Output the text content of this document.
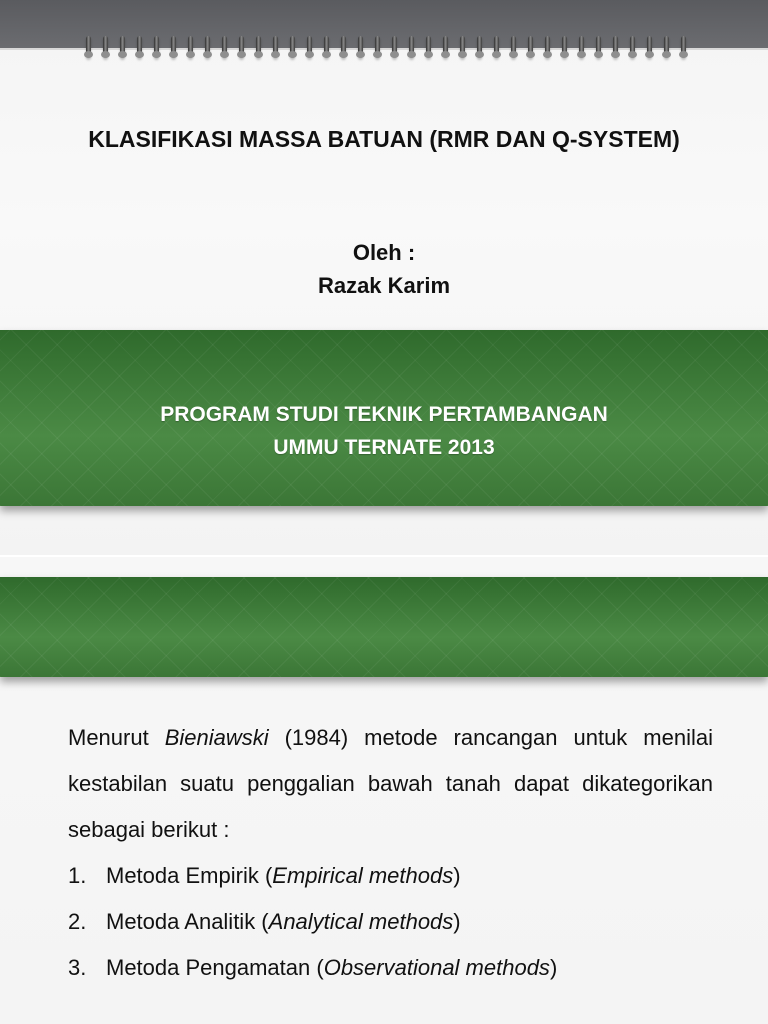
KLASIFIKASI MASSA BATUAN (RMR DAN Q-SYSTEM)
Oleh :
Razak Karim
PROGRAM STUDI TEKNIK PERTAMBANGAN
UMMU TERNATE 2013
Menurut Bieniawski (1984) metode rancangan untuk menilai kestabilan suatu penggalian bawah tanah dapat dikategorikan sebagai berikut :
1. Metoda Empirik (Empirical methods)
2. Metoda Analitik (Analytical methods)
3. Metoda Pengamatan (Observational methods)
